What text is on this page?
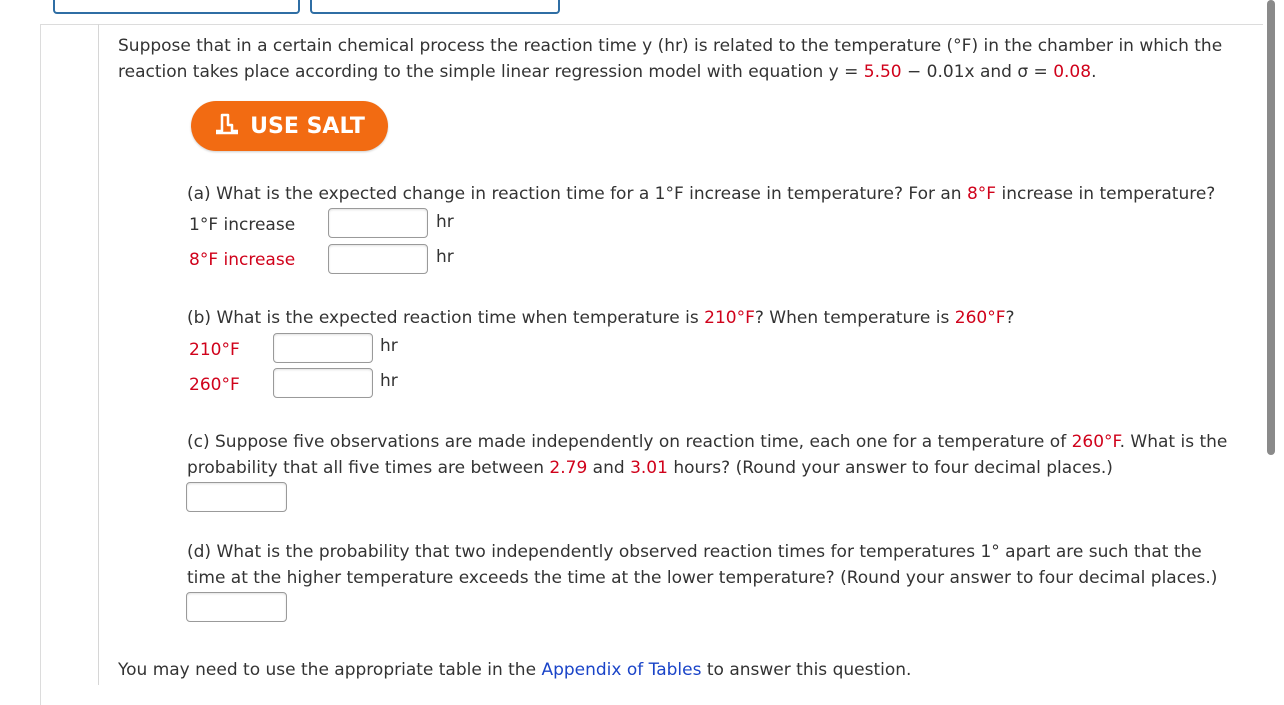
Suppose that in a certain chemical process the reaction time y (hr) is related to the temperature (°F) in the chamber in which the
reaction takes place according to the simple linear regression model with equation y = 5.50 − 0.01x and σ = 0.08.
USE SALT
(a) What is the expected change in reaction time for a 1°F increase in temperature? For an 8°F increase in temperature?
1°F increase	hr
8°F increase	hr
(b) What is the expected reaction time when temperature is 210°F? When temperature is 260°F?
210°F	hr
260°F	hr
(c) Suppose five observations are made independently on reaction time, each one for a temperature of 260°F. What is the
probability that all five times are between 2.79 and 3.01 hours? (Round your answer to four decimal places.)
(d) What is the probability that two independently observed reaction times for temperatures 1° apart are such that the
time at the higher temperature exceeds the time at the lower temperature? (Round your answer to four decimal places.)
You may need to use the appropriate table in the Appendix of Tables to answer this question.
